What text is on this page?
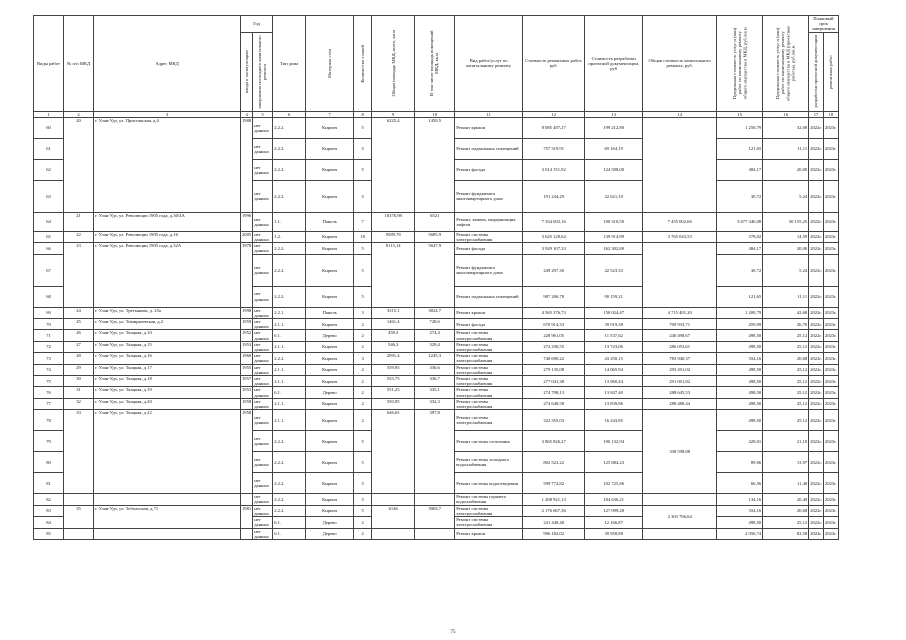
Виды работ	№ п/п МКД	Адрес МКД	Год		Тип дома	Материал стен	Количество этажей	Общая площадь МКД, всего, кв.м	В том числе площадь помещений МКД, кв.м	Вид работ/услуг по капитальному ремонту	Стоимость ремонтных работ, руб.	Стоимость разработки проектной документации, руб	Общая стоимость капитального ремонта, руб.	Предельная стоимость услуг и (или) работ по капитальному ремонту общего имущества в МКД, руб./кв.м	Предельная стоимость услуг и (или) работ по капитальному ремонту общего имущества в МКД (проектные работы), руб./кв.м	Плановый срок завершения	

			ввода в эксплуатацию	завершения последнего капитального ремонта												разработки проектной документации	ремонтных работ

1	2	3	4	5	6	7	8	9	10	11	12	13	14	15	16	17	18
60	20	г. Улан-Удэ, ул. Пристанская, д.4	1988	нет данных	2.2.2.	Кирпич	5	6225,4	1450,5	Ремонт крыши	8 085 487,27	199 212,80		1 250,79	32,00	2022г.	2023г.
61				нет данных	2.2.2.	Кирпич	5			Ремонт подвальных помещений	757 319,91	69 164,19		121,65	11,11	2022г.	2023г.
62				нет данных	2.2.2.	Кирпич	5			Ремонт фасада	3 014 151,92	124 508,00		484,17	20,00	2022г.	2023г.
63				нет данных	2.2.2.	Кирпич	5			Ремонт фундамента многоквартирного дома	191 244,29	32 621,10		30,72	5,24	2022г.	2023г.
64	21	г. Улан-Удэ, ул. Революции 1905 года, д.30/4А	1996	нет данных	1.1.	Панель	7	10376,98	6521	Ремонт, замена, модернизация лифтов	7 354 692,16	100 310,50	7 455 002,66	3 677 346,08	50 155,25	2022г.	2023г.
65	22	г. Улан-Удэ, ул. Революции 1905 года, д.16	2005	нет данных	1.2.	Кирпич	10	9589,78	5685,9	Ремонт системы электроснабжения	3 625 128,64	139 914,89	3 765 043,53	378,02	14,59	2022г.	2023г.
66	23	г. Улан-Удэ, ул. Революции 1905 года, д.32А	1978	нет данных	2.2.2.	Кирпич	5	8113,14	5647,9	Ремонт фасада	3 929 107,33	162 302,80		484,17	20,00	2022г.	2023г.
67				нет данных	2.2.2.	Кирпич	5			Ремонт фундамента многоквартирного дома	249 297,30	42 523,33		30,72	5,24	2022г.	2023г.
68				нет данных	2.2.2.	Кирпич	5			Ремонт подвальных помещений	987 206,78	90 159,21		121,65	11,11	2022г.	2023г.
69	24	г. Улан-Удэ, ул. Третьякова, д. 25а	1998	нет данных	2.2.1.	Панель	3	3315,1	3824,7	Ремонт крыши	4 565 376,73	150 024,47	4 715 401,20	1 200,79	42,68	2022г.	2023г.
70	25	г. Улан-Удэ, ул. Тимирязевская, д.2	1959	нет данных	2.1.1.	Кирпич	2	1461,4	728,6	Ремонт фасада	670 914,33	39 019,38	709 933,71	459,09	26,70	2022г.	2023г.
71	26	г. Улан-Удэ, ул. Ткацкая, д.10	1952	нет данных	6.1.	Дерево	2	459,3	274,4	Ремонт системы электроснабжения	228 961,05	11 537,62	240 498,67	498,50	25,12	2022г.	2023г.
72	27	г. Улан-Удэ, ул. Ткацкая, д.15	1953	нет данных	2.1.1.	Кирпич	2	546,3	329,4	Ремонт системы электроснабжения	272 330,55	13 723,06	286 053,61	498,50	25,12	2022г.	2023г.
73	28	г. Улан-Удэ, ул. Ткацкая, д.16	1960	нет данных	2.2.2.	Кирпич	3	2091,4	1245,3	Ремонт системы электроснабжения	740 690,22	43 250,15	783 940,37	354,16	20,68	2022г.	2023г.
74	29	г. Улан-Удэ, ул. Ткацкая, д.17	1955	нет данных	2.1.1.	Кирпич	2	559,95	336,6	Ремонт системы электроснабжения	279 135,08	14 065,94	293 201,02	498,50	25,12	2022г.	2023г.
75	30	г. Улан-Удэ, ул. Ткацкая, д.18	1957	нет данных	2.1.1.	Кирпич	2	555,75	336,7	Ремонт системы электроснабжения	277 041,38	13 960,44	291 001,82	498,50	25,12	2022г.	2023г.
76	31	г. Улан-Удэ, ул. Ткацкая, д.19	1953	нет данных	6.1.	Дерево	2	551,25	335,1	Ремонт системы электроснабжения	274 798,13	13 847,40	288 645,53	498,50	25,12	2022г.	2023г.
77	32	г. Улан-Удэ, ул. Ткацкая, д.20	1958	нет данных	2.1.1.	Кирпич	2	550,95	332,3	Ремонт системы электроснабжения	274 648,58	13 839,86	288 488,44	498,50	25,12	2022г.	2023г.
78	33	г. Улан-Удэ, ул. Ткацкая, д.22	1958	нет данных	2.1.1.	Кирпич	2	646,65	397,8	Ремонт системы электроснабжения	322 355,03	16 243,85	338 598,88	498,50	25,12	2022г.	2023г.
79				нет данных	2.2.2.	Кирпич	5			Ремонт системы отопления	3 865 826,27	190 132,94		429,01	21,10	2022г.	2023г.
80				нет данных	2.2.2.	Кирпич	5			Ремонт системы холодного водоснабжения	802 523,22	125 884,23		89,06	13,97	2022г.	2023г.
81				нет данных	2.2.2.	Кирпич	5			Ремонт системы водоотведения	599 774,82	102 725,86		66,56	11,40	2022г.	2023г.
82				нет данных	2.2.2.	Кирпич	5			Ремонт системы горячего водоснабжения	1 208 921,13	184 636,21		134,16	20,49	2022г.	2023г.
83	35	г. Улан-Удэ, ул. Тобольская, д.71	1981	нет данных	2.2.2.	Кирпич	5	6146	3903,7	Ремонт системы электроснабжения	2 176 667,36	127 099,28	2 303 766,64	354,16	20,68	2022г.	2023г.
84				нет данных	6.1.	Дерево	2			Ремонт системы электроснабжения	241 448,48	12 166,87		498,50	25,12	2022г.	2023г.
85				нет данных	6.1.	Дерево	2			Ремонт крыши	996 182,02	39 958,88		2 056,74	82,50	2022г.	2023г.
75
